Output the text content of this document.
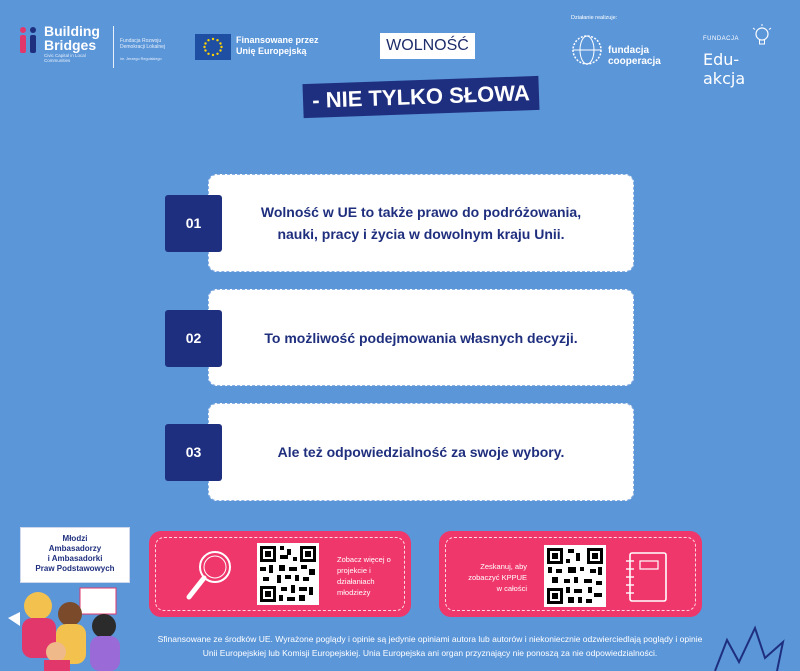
Building
Bridges
Civic Capital in Local Communities
Fundacja Rozwoju
Demokracji Lokalnej
im. Jerzego Regulskiego
Finansowane przez
Unię Europejską	WOLNOŚĆ
- NIE TYLKO SŁOWA
Działanie realizuje:
fundacja
cooperacja
FUNDACJA
Edu-akcja
Wolność w UE to także prawo do podróżowania, nauki, pracy i życia w dowolnym kraju Unii.
01
To możliwość podejmowania własnych decyzji.
02
Ale też odpowiedzialność za swoje wybory.
03
Zobacz więcej o
projekcie i
działaniach
młodzieży
Zeskanuj, aby
zobaczyć KPPUE
w całości
Młodzi
Ambasadorzy
i Ambasadorki
Praw Podstawowych
Sfinansowane ze środków UE. Wyrażone poglądy i opinie są jedynie opiniami autora lub autorów i niekoniecznie odzwierciedlają poglądy i opinie
Unii Europejskiej lub Komisji Europejskiej. Unia Europejska ani organ przyznający nie ponoszą za nie odpowiedzialności.
